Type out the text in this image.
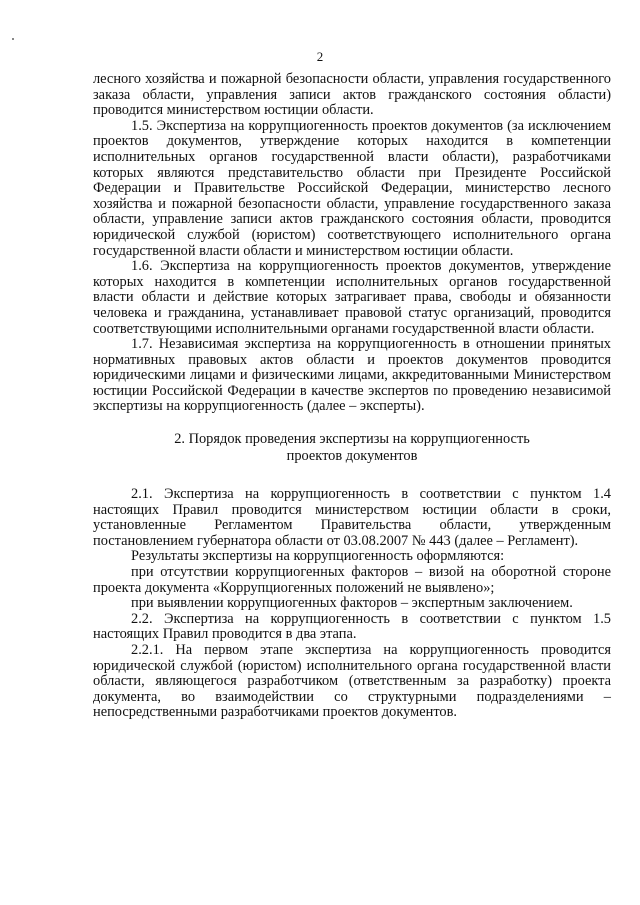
2

лесного хозяйства и пожарной безопасности области, управления государственного заказа области, управления записи актов гражданского состояния области) проводится министерством юстиции области.

1.5. Экспертиза на коррупциогенность проектов документов (за исключением проектов документов, утверждение которых находится в компетенции исполнительных органов государственной власти области), разработчиками которых являются представительство области при Президенте Российской Федерации и Правительстве Российской Федерации, министерство лесного хозяйства и пожарной безопасности области, управление государственного заказа области, управление записи актов гражданского состояния области, проводится юридической службой (юристом) соответствующего исполнительного органа государственной власти области и министерством юстиции области.

1.6. Экспертиза на коррупциогенность проектов документов, утверждение которых находится в компетенции исполнительных органов государственной власти области и действие которых затрагивает права, свободы и обязанности человека и гражданина, устанавливает правовой статус организаций, проводится соответствующими исполнительными органами государственной власти области.

1.7. Независимая экспертиза на коррупциогенность в отношении принятых нормативных правовых актов области и проектов документов проводится юридическими лицами и физическими лицами, аккредитованными Министерством юстиции Российской Федерации в качестве экспертов по проведению независимой экспертизы на коррупциогенность (далее – эксперты).

2. Порядок проведения экспертизы на коррупциогенность
проектов документов

2.1. Экспертиза на коррупциогенность в соответствии с пунктом 1.4 настоящих Правил проводится министерством юстиции области в сроки, установленные Регламентом Правительства области, утвержденным постановлением губернатора области от 03.08.2007 № 443 (далее – Регламент).

Результаты экспертизы на коррупциогенность оформляются:

при отсутствии коррупциогенных факторов – визой на оборотной стороне проекта документа «Коррупциогенных положений не выявлено»;

при выявлении коррупциогенных факторов – экспертным заключением.

2.2. Экспертиза на коррупциогенность в соответствии с пунктом 1.5 настоящих Правил проводится в два этапа.

2.2.1. На первом этапе экспертиза на коррупциогенность проводится юридической службой (юристом) исполнительного органа государственной власти области, являющегося разработчиком (ответственным за разработку) проекта документа, во взаимодействии со структурными подразделениями – непосредственными разработчиками проектов документов.
